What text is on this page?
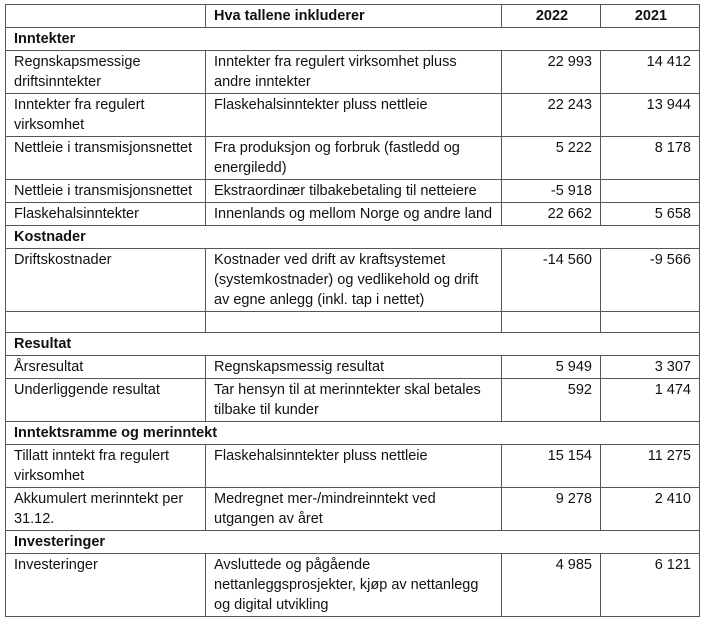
	Hva tallene inkluderer	2022	2021
Inntekter			
Regnskapsmessige driftsinntekter	Inntekter fra regulert virksomhet pluss andre inntekter	22 993	14 412
Inntekter fra regulert virksomhet	Flaskehalsinntekter pluss nettleie	22 243	13 944
Nettleie i transmisjonsnettet	Fra produksjon og forbruk (fastledd og energiledd)	5 222	8 178
Nettleie i transmisjonsnettet	Ekstraordinær tilbakebetaling til netteiere	-5 918	
Flaskehalsinntekter	Innenlands og mellom Norge og andre land	22 662	5 658
Kostnader			
Driftskostnader	Kostnader ved drift av kraftsystemet (systemkostnader) og vedlikehold og drift av egne anlegg (inkl. tap i nettet)	-14 560	-9 566

Resultat			
Årsresultat	Regnskapsmessig resultat	5 949	3 307
Underliggende resultat	Tar hensyn til at merinntekter skal betales tilbake til kunder	592	1 474
Inntektsramme og merinntekt			
Tillatt inntekt fra regulert virksomhet	Flaskehalsinntekter pluss nettleie	15 154	11 275
Akkumulert merinntekt per 31.12.	Medregnet mer-/mindreinntekt ved utgangen av året	9 278	2 410
Investeringer			
Investeringer	Avsluttede og pågående nettanleggsprosjekter, kjøp av nettanlegg og digital utvikling	4 985	6 121
